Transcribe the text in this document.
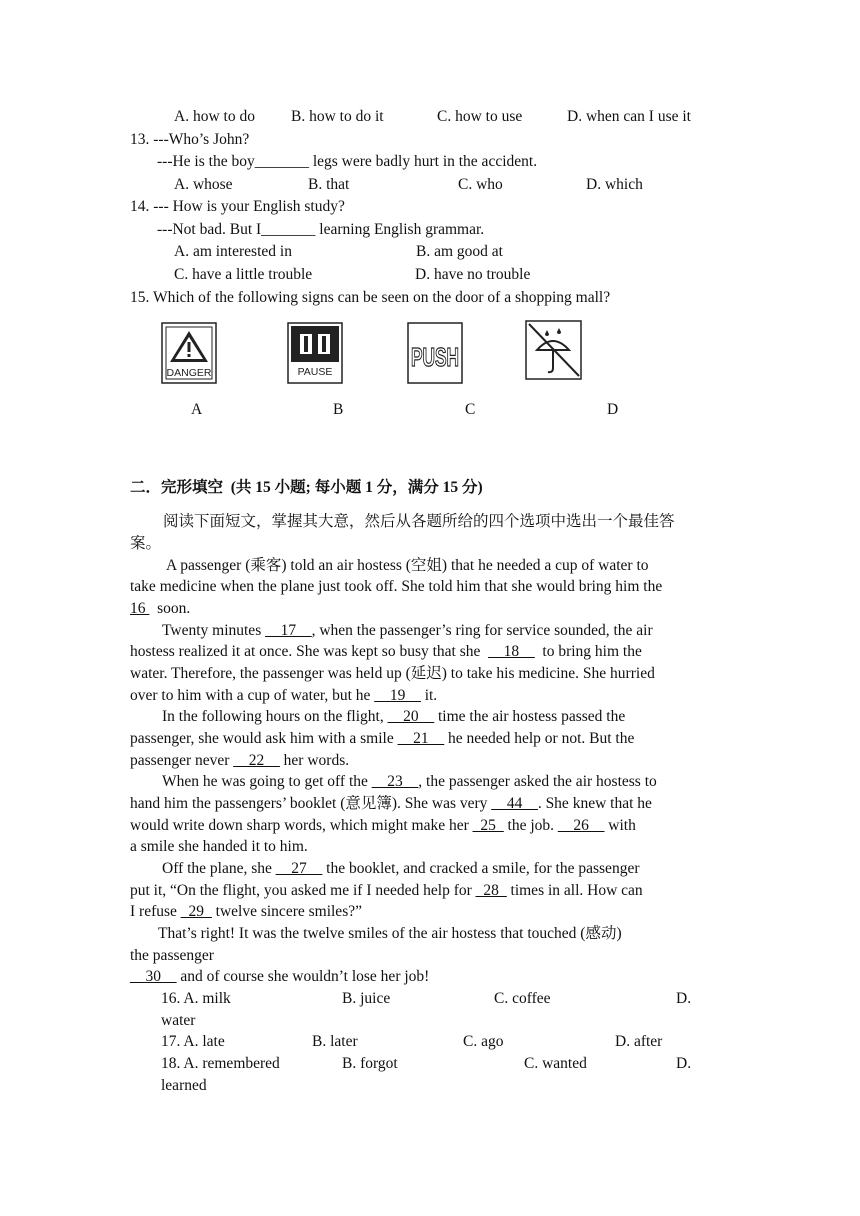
A. how to do B. how to do it	C. how to use	D. when can I use it
13. ---Who’s John?
---He is the boy_______ legs were badly hurt in the accident.
A. whose	B. that	C. who	D. which
14. --- How is your English study?
---Not bad. But I_______ learning English grammar.
A. am interested in	B. am good at
C. have a little trouble	D. have no trouble
15. Which of the following signs can be seen on the door of a shopping mall?
DANGER	PAUSE	PUSH
A	B	C	D
二．完形填空 (共 15 小题; 每小题 1 分，满分 15 分)
阅读下面短文，掌握其大意，然后从各题所给的四个选项中选出一个最佳答
案。
A passenger (乘客) told an air hostess (空姐) that he needed a cup of water to
take medicine when the plane just took off. She told him that she would bring him the
16   soon.
Twenty minutes __17__, when the passenger’s ring for service sounded, the air
hostess realized it at once. She was kept so busy that she __18__ to bring him the
water. Therefore, the passenger was held up (延迟) to take his medicine. She hurried
over to him with a cup of water, but he __19__ it.
In the following hours on the flight, __20__ time the air hostess passed the
passenger, she would ask him with a smile __21__ he needed help or not. But the
passenger never __22__ her words.
When he was going to get off the __23__, the passenger asked the air hostess to
hand him the passengers’ booklet (意见簿). She was very __44__. She knew that he
would write down sharp words, which might make her _25_ the job. __26__ with
a smile she handed it to him.
Off the plane, she __27__ the booklet, and cracked a smile, for the passenger
put it, “On the flight, you asked me if I needed help for _28_ times in all. How can
I refuse _29_ twelve sincere smiles?”
That’s right! It was the twelve smiles of the air hostess that touched (感动)
the passenger
__30__ and of course she wouldn’t lose her job!
16. A. milk	B. juice	C. coffee	D.
water
17. A. late	B. later	C. ago	D. after
18. A. remembered	B. forgot	C. wanted	D.
learned
